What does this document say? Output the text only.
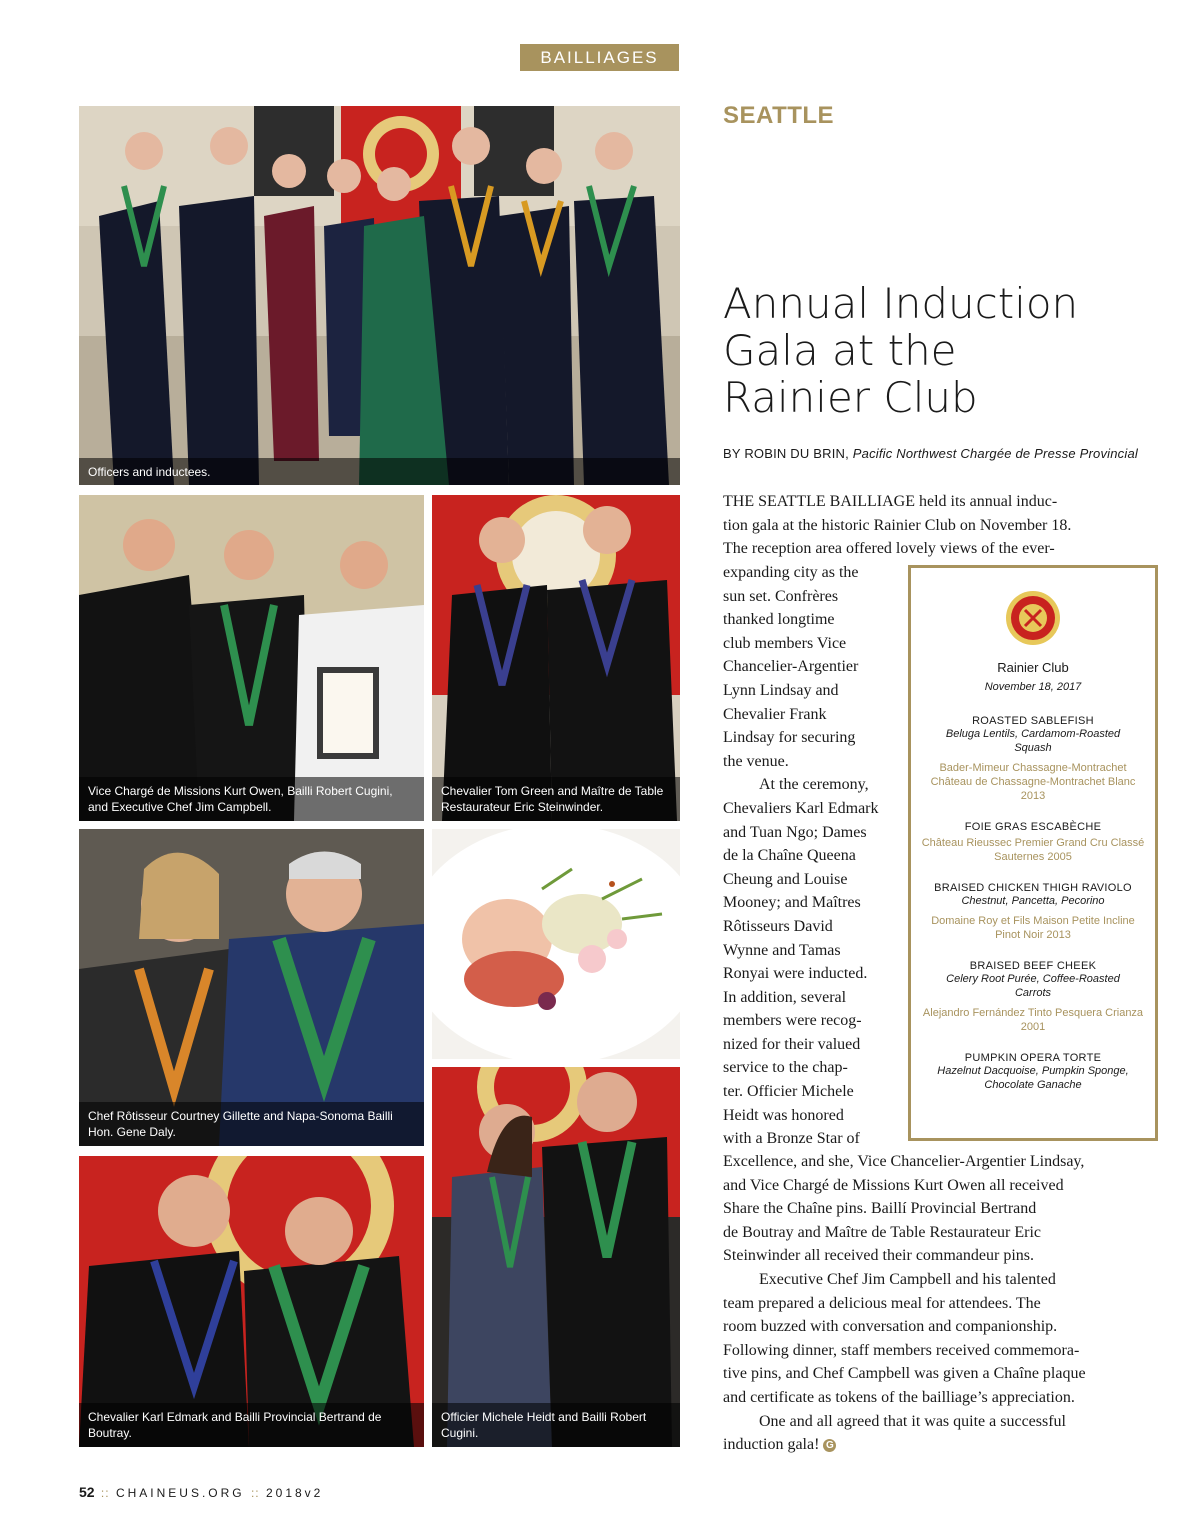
BAILLIAGES
Officers and inductees.
Vice Chargé de Missions Kurt Owen, Bailli Robert Cugini, and Executive Chef Jim Campbell.
Chevalier Tom Green and Maître de Table Restaurateur Eric Steinwinder.
Chef Rôtisseur Courtney Gillette and Napa-Sonoma Bailli Hon. Gene Daly.
Chevalier Karl Edmark and Bailli Provincial Bertrand de Boutray.
Officier Michele Heidt and Bailli Robert Cugini.
SEATTLE
Annual Induction
Gala at the
Rainier Club
BY ROBIN DU BRIN, Pacific Northwest Chargée de Presse Provincial

THE SEATTLE BAILLIAGE held its annual induc-

tion gala at the historic Rainier Club on November 18.

The reception area offered lovely views of the ever-

expanding city as the

sun set. Confrères

thanked longtime

club members Vice

Chancelier-Argentier

Lynn Lindsay and

Chevalier Frank

Lindsay for securing

the venue.

At the ceremony,

Chevaliers Karl Edmark

and Tuan Ngo; Dames

de la Chaîne Queena

Cheung and Louise

Mooney; and Maîtres

Rôtisseurs David

Wynne and Tamas

Ronyai were inducted.

In addition, several

members were recog-

nized for their valued

service to the chap-

ter. Officier Michele

Heidt was honored

with a Bronze Star of

Excellence, and she, Vice Chancelier-Argentier Lindsay,

and Vice Chargé de Missions Kurt Owen all received

Share the Chaîne pins. Baillí Provincial Bertrand

de Boutray and Maître de Table Restaurateur Eric

Steinwinder all received their commandeur pins.

Executive Chef Jim Campbell and his talented

team prepared a delicious meal for attendees. The

room buzzed with conversation and companionship.

Following dinner, staff members received commemora-

tive pins, and Chef Campbell was given a Chaîne plaque

and certificate as tokens of the bailliage’s appreciation.

One and all agreed that it was quite a successful

induction gala! G

Rainier Club
November 18, 2017
ROASTED SABLEFISH
Beluga Lentils, Cardamom-Roasted Squash
Bader-Mimeur Chassagne-Montrachet Château de Chassagne-Montrachet Blanc 2013
FOIE GRAS ESCABÈCHE
Château Rieussec Premier Grand Cru Classé Sauternes 2005
BRAISED CHICKEN THIGH RAVIOLO
Chestnut, Pancetta, Pecorino
Domaine Roy et Fils Maison Petite Incline Pinot Noir 2013
BRAISED BEEF CHEEK
Celery Root Purée, Coffee-Roasted Carrots
Alejandro Fernández Tinto Pesquera Crianza 2001
PUMPKIN OPERA TORTE
Hazelnut Dacquoise, Pumpkin Sponge, Chocolate Ganache
52 :: CHAINEUS.ORG :: 2018v2
